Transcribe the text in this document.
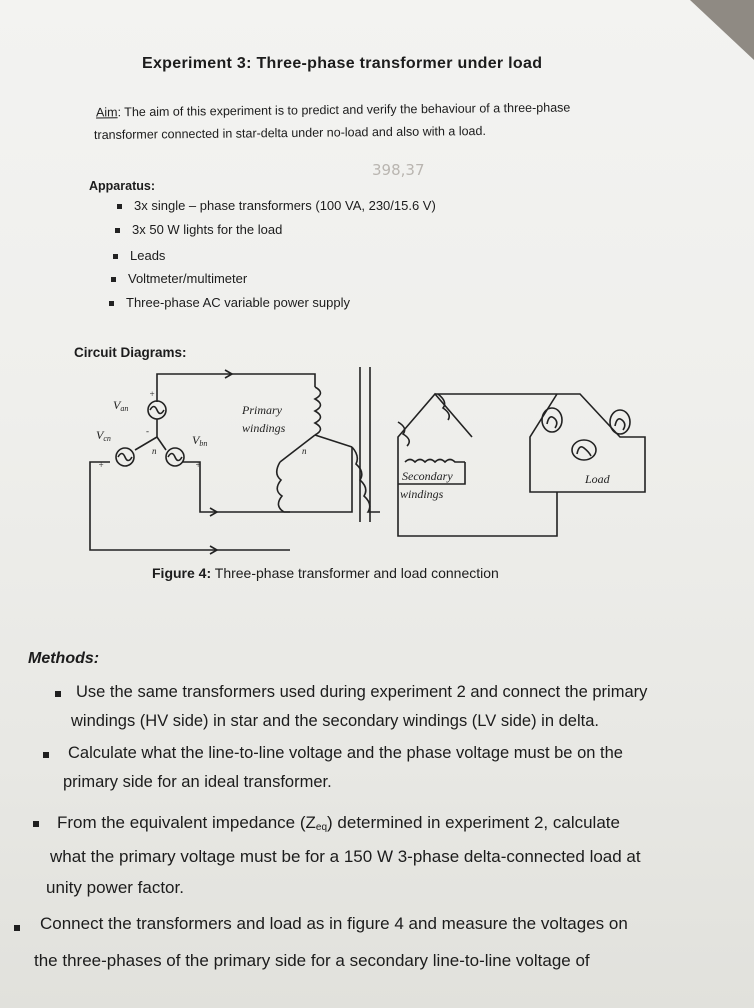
Experiment 3: Three-phase transformer under load
Aim: The aim of this experiment is to predict and verify the behaviour of a three-phase
transformer connected in star-delta under no-load and also with a load.
398,37
Apparatus:
3x single – phase transformers (100 VA, 230/15.6 V)
3x 50 W lights for the load
Leads
Voltmeter/multimeter
Three-phase AC variable power supply
Circuit Diagrams:
Van
Vcn	Vbn
n	n
Primary
windings
Secondary
windings
Load
+
+	+
-
Figure 4: Three-phase transformer and load connection
Methods:
Use the same transformers used during experiment 2 and connect the primary
windings (HV side) in star and the secondary windings (LV side) in delta.
Calculate what the line-to-line voltage and the phase voltage must be on the
primary side for an ideal transformer.
From the equivalent impedance $(Z_{eq})$ determined in experiment 2, calculate
what the primary voltage must be for a 150 W 3-phase delta-connected load at
unity power factor.
Connect the transformers and load as in figure 4 and measure the voltages on
the three-phases of the primary side for a secondary line-to-line voltage of
